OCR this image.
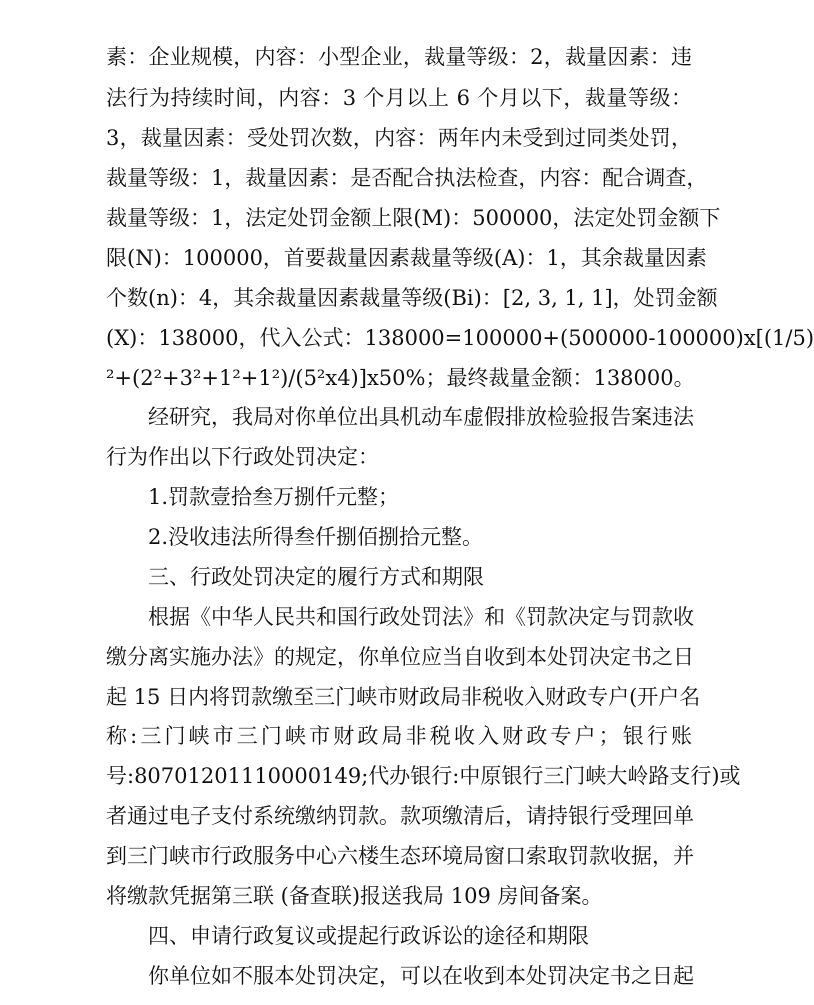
素：企业规模，内容：小型企业，裁量等级：2，裁量因素：违
法行为持续时间，内容：3 个月以上 6 个月以下，裁量等级：
3，裁量因素：受处罚次数，内容：两年内未受到过同类处罚，
裁量等级：1，裁量因素：是否配合执法检查，内容：配合调查，
裁量等级：1，法定处罚金额上限(M)：500000，法定处罚金额下
限(N)：100000，首要裁量因素裁量等级(A)：1，其余裁量因素
个数(n)：4，其余裁量因素裁量等级(Bi)：[2, 3, 1, 1]，处罚金额
(X)：138000，代入公式：138000=100000+(500000-100000)x[(1/5)
²+(2²+3²+1²+1²)/(5²x4)]x50%；最终裁量金额：138000。
经研究，我局对你单位出具机动车虚假排放检验报告案违法
行为作出以下行政处罚决定：
1.罚款壹拾叁万捌仟元整；
2.没收违法所得叁仟捌佰捌拾元整。
三、行政处罚决定的履行方式和期限
根据《中华人民共和国行政处罚法》和《罚款决定与罚款收
缴分离实施办法》的规定，你单位应当自收到本处罚决定书之日
起 15 日内将罚款缴至三门峡市财政局非税收入财政专户(开户名
称:三门峡市三门峡市财政局非税收入财政专户；银行账
号:80701201110000149;代办银行:中原银行三门峡大岭路支行)或
者通过电子支付系统缴纳罚款。款项缴清后，请持银行受理回单
到三门峡市行政服务中心六楼生态环境局窗口索取罚款收据，并
将缴款凭据第三联 (备查联)报送我局 109 房间备案。
四、申请行政复议或提起行政诉讼的途径和期限
你单位如不服本处罚决定，可以在收到本处罚决定书之日起
